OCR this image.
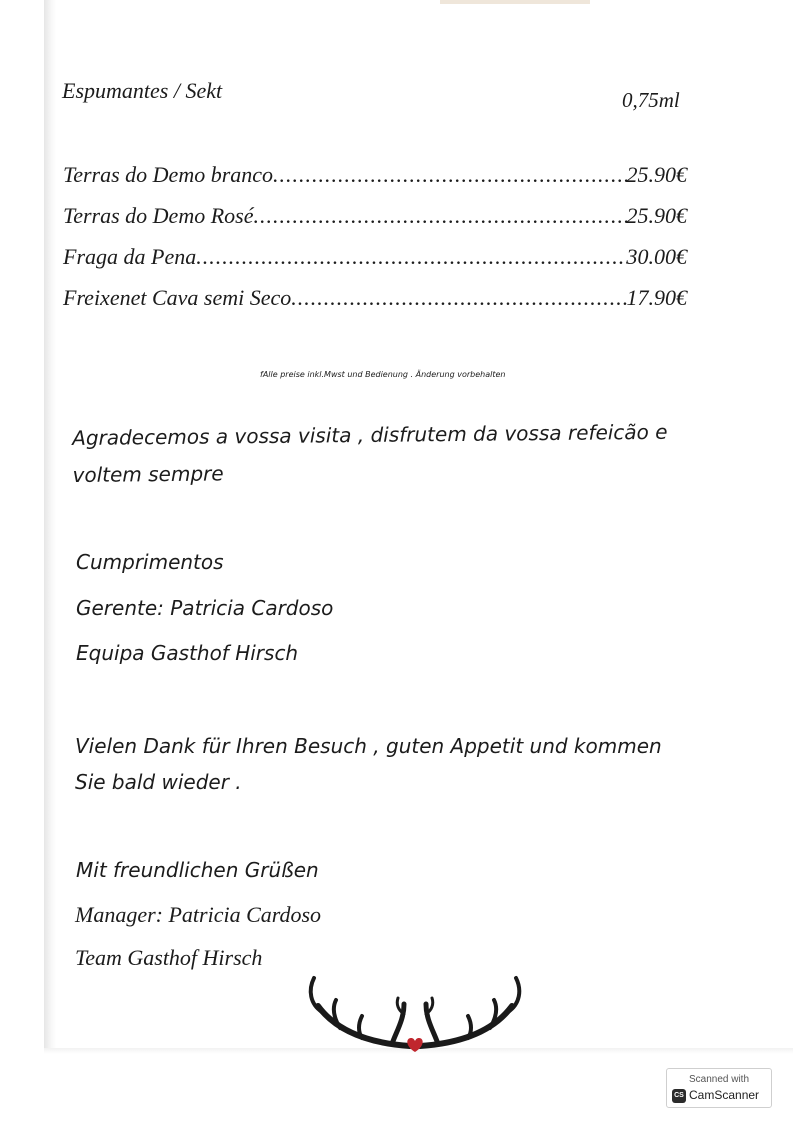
Espumantes / Sekt	0,75ml
Terras do Demo branco .....	25.90€
Terras do Demo Rosé .....	25.90€
Fraga da Pena .....	30.00€
Freixenet Cava semi Seco .....	17.90€
fAlle preise inkl.Mwst und Bedienung . Änderung vorbehalten
Agradecemos a vossa visita , disfrutem da vossa refeicão e voltem sempre
Cumprimentos
Gerente: Patricia Cardoso
Equipa Gasthof Hirsch
Vielen Dank für Ihren Besuch , guten Appetit und kommen Sie bald wieder .
Mit freundlichen Grüßen
Manager: Patricia Cardoso
Team Gasthof Hirsch
Scanned with
CS CamScanner
